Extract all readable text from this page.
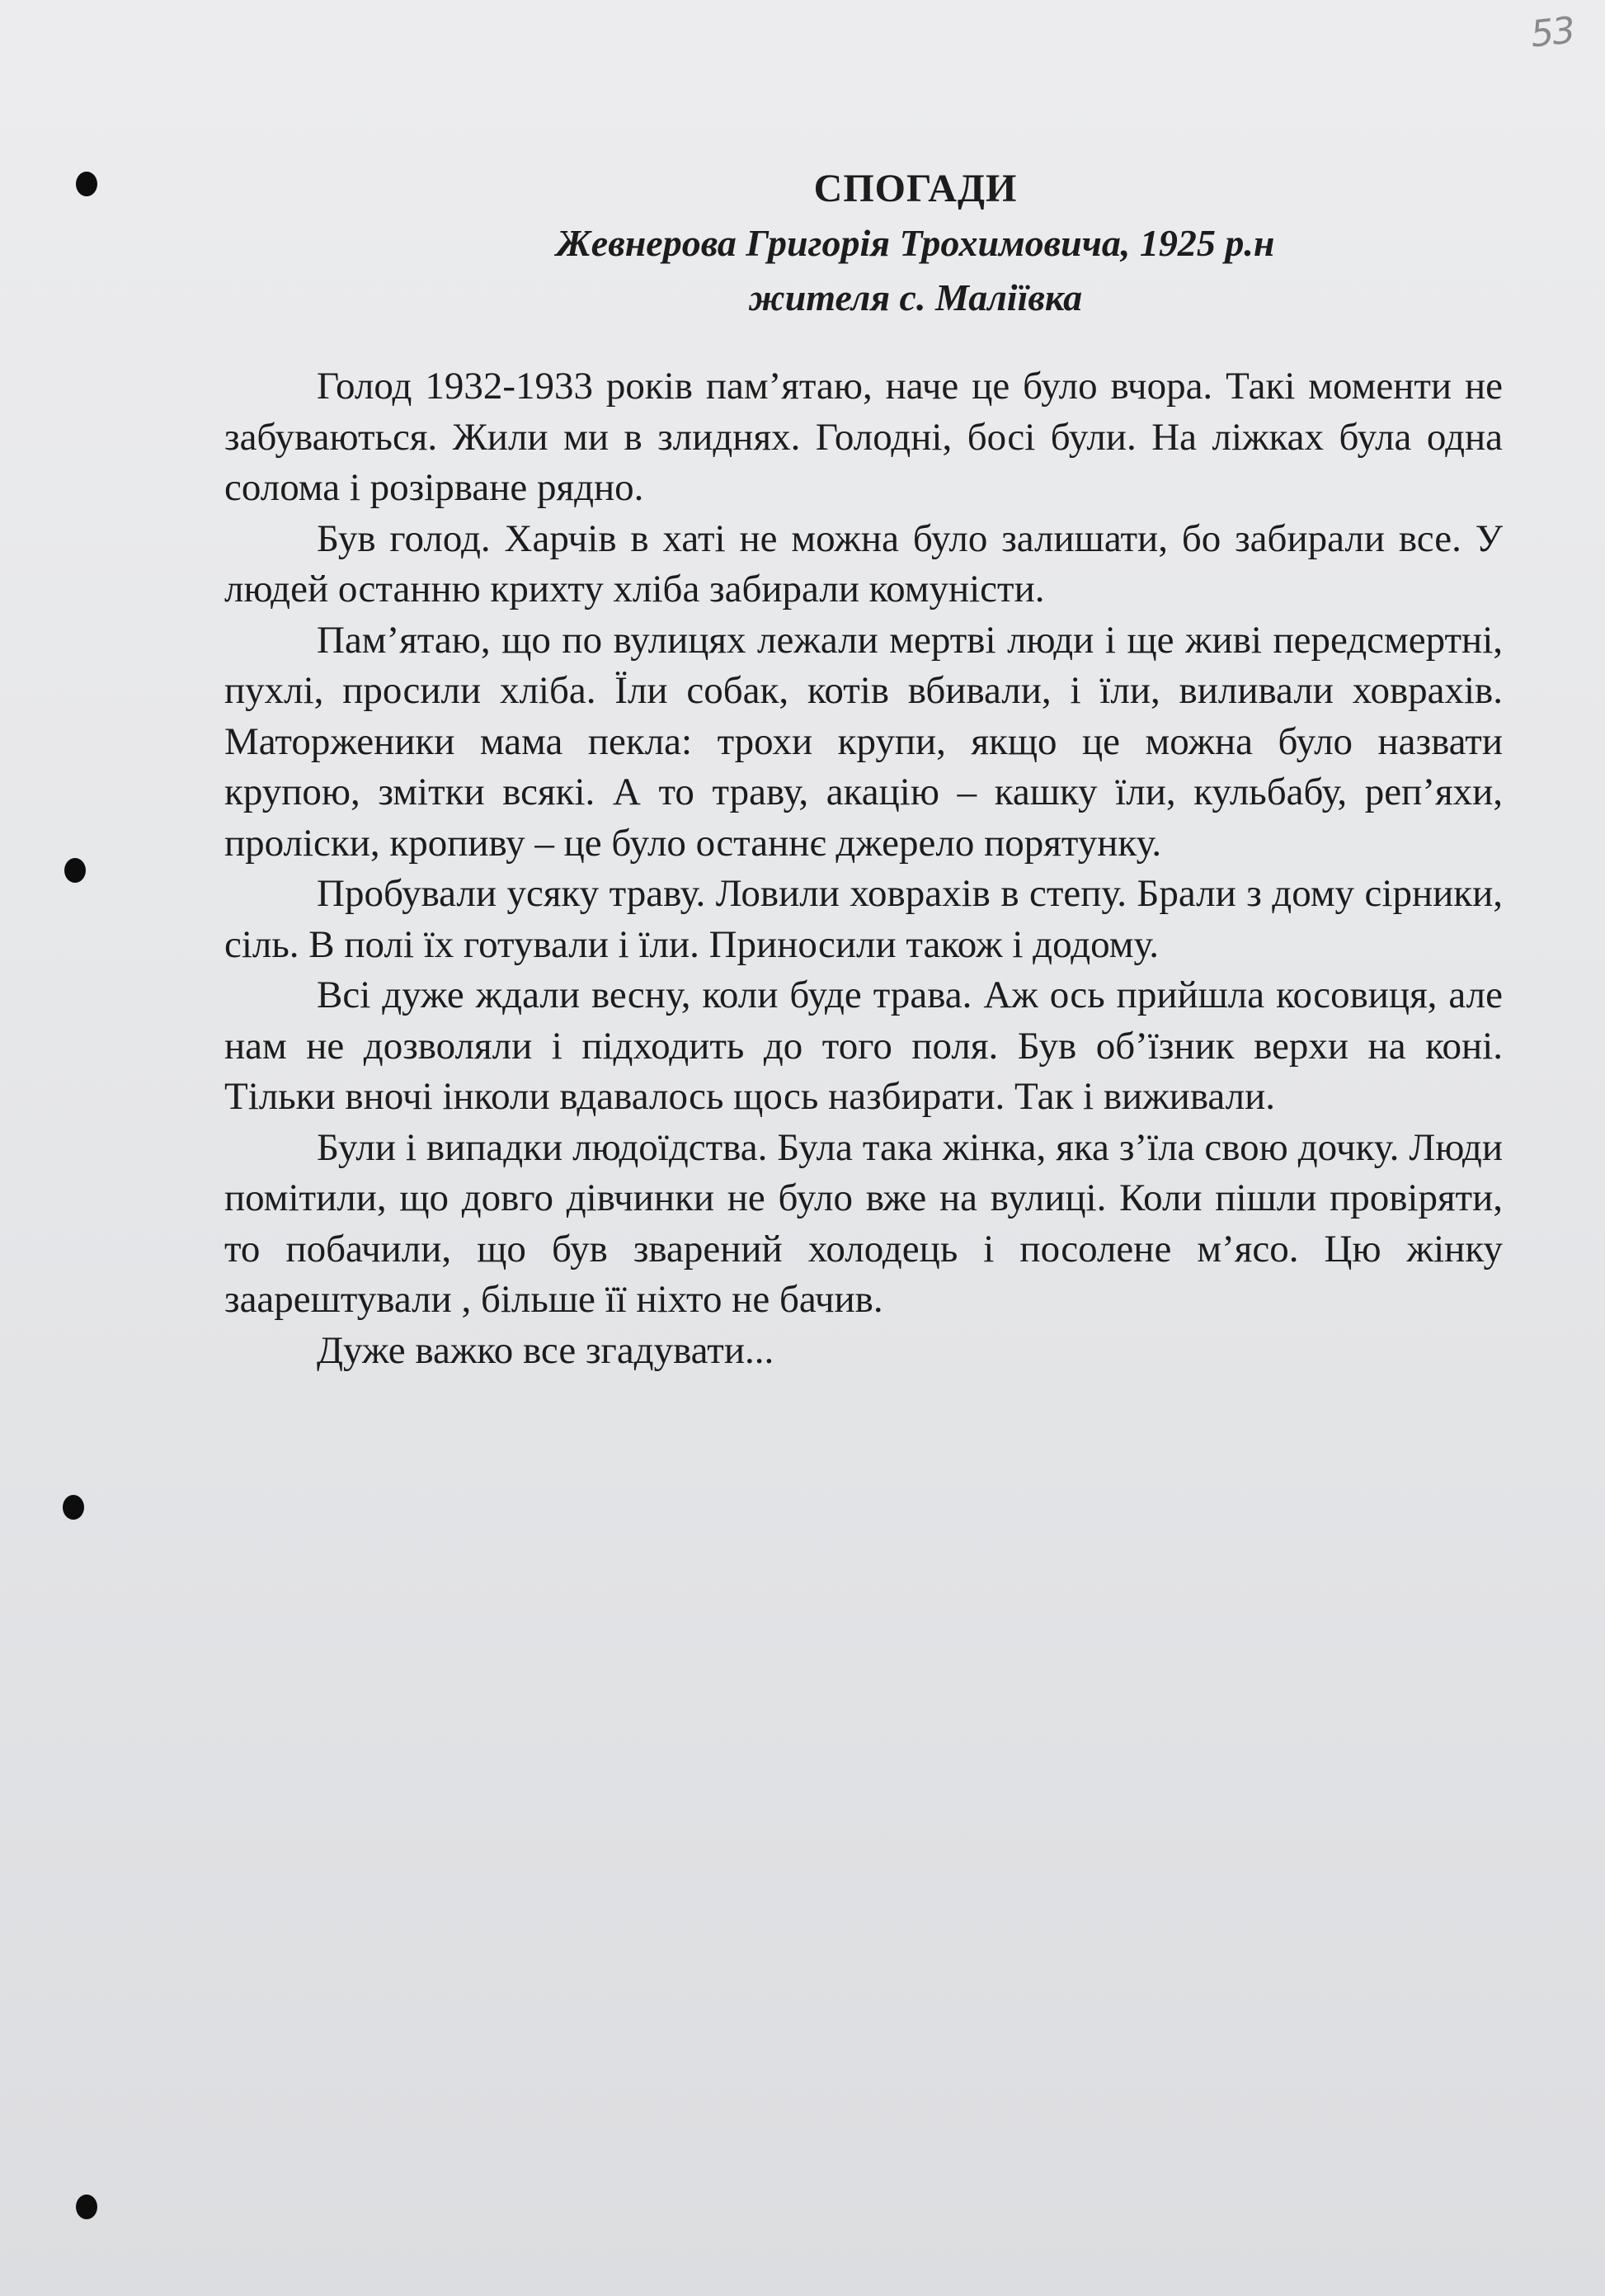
53
СПОГАДИ
Жевнерова Григорія Трохимовича, 1925 р.н
жителя с. Маліївка

Голод 1932-1933 років пам’ятаю, наче це було вчора. Такі моменти не забуваються. Жили ми в злиднях. Голодні, босі були. На ліжках була одна солома і розірване рядно.

Був голод. Харчів в хаті не можна було залишати, бо забирали все. У людей останню крихту хліба забирали комуністи.

Пам’ятаю, що по вулицях лежали мертві люди і ще живі передсмертні, пухлі, просили хліба. Їли собак, котів вбивали, і їли, виливали ховрахів. Маторженики мама пекла: трохи крупи, якщо це можна було назвати крупою, змітки всякі. А то траву, акацію – кашку їли, кульбабу, реп’яхи, проліски, кропиву – це було останнє джерело порятунку.

Пробували усяку траву. Ловили ховрахів в степу. Брали з дому сірники, сіль. В полі їх готували і їли. Приносили також і додому.

Всі дуже ждали весну, коли буде трава. Аж ось прийшла косовиця, але нам не дозволяли і підходить до того поля. Був об’їзник верхи на коні. Тільки вночі інколи вдавалось щось назбирати. Так і виживали.

Були і випадки людоїдства. Була така жінка, яка з’їла свою дочку. Люди помітили, що довго дівчинки не було вже на вулиці. Коли пішли провіряти, то побачили, що був зварений холодець і посолене м’ясо. Цю жінку заарештували , більше її ніхто не бачив.

Дуже важко все згадувати...
